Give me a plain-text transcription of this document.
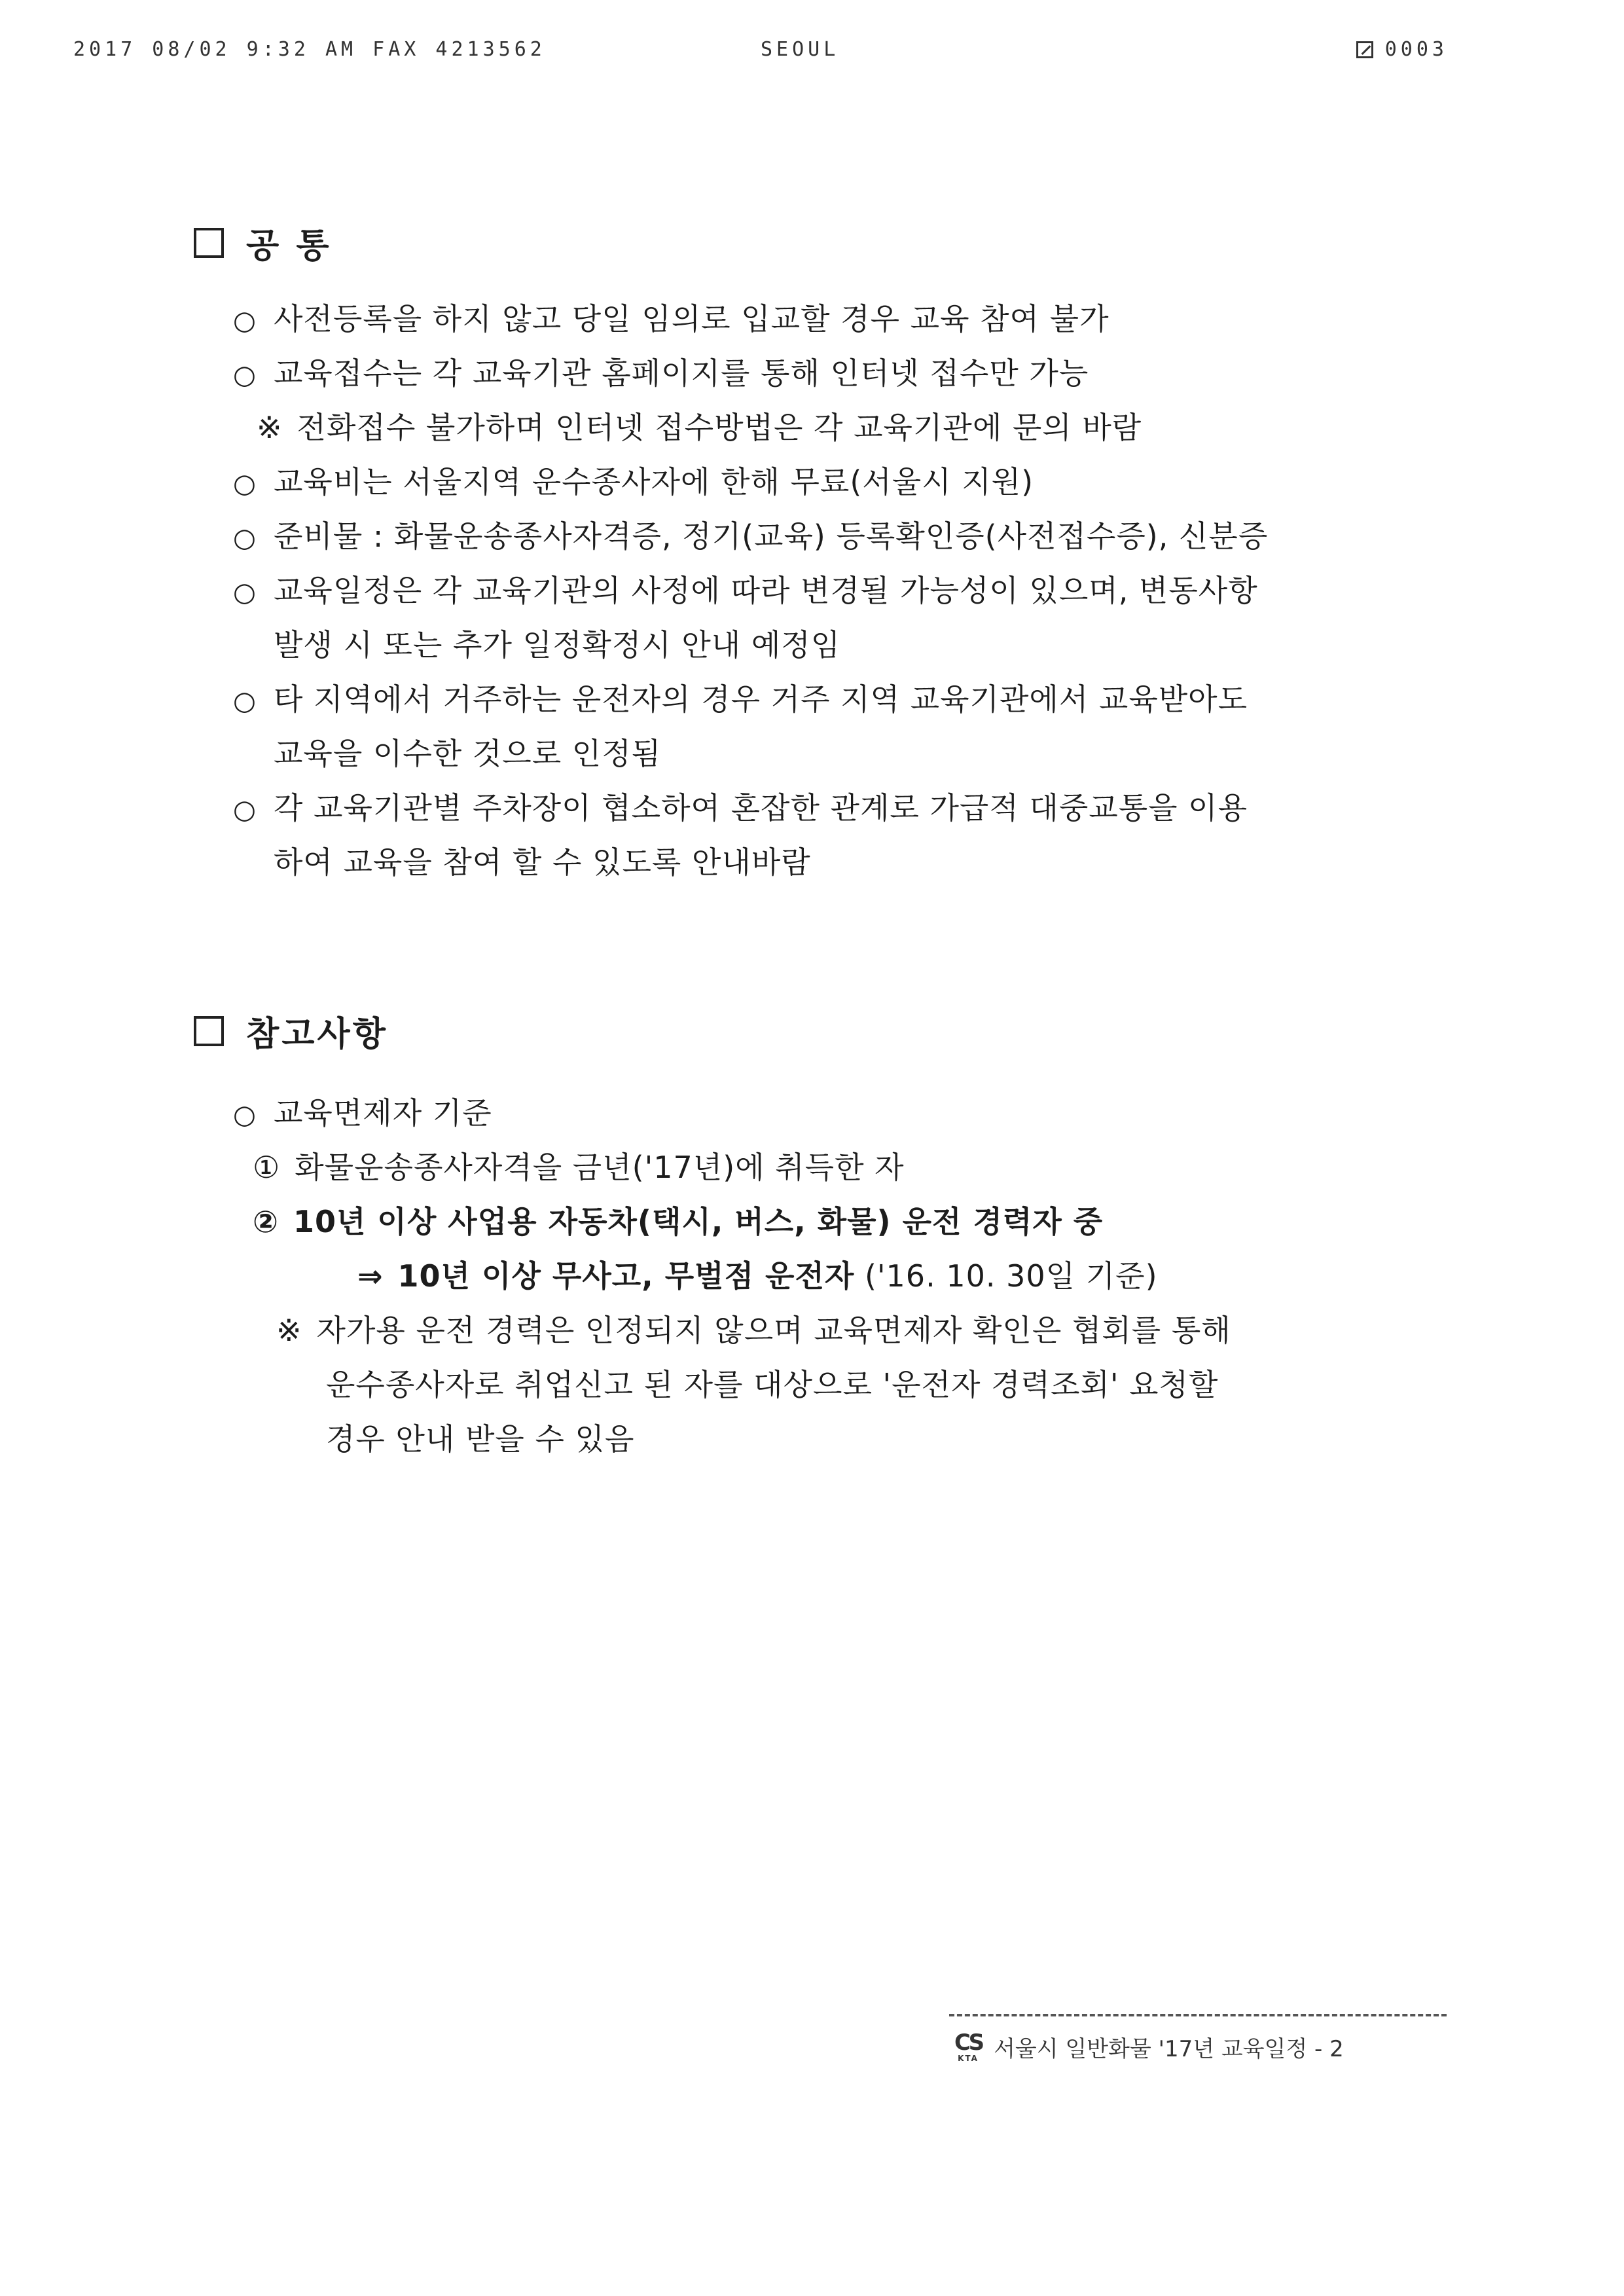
2017 08/02 9:32 AM FAX 4213562	SEOUL	0003
공 통
○ 사전등록을 하지 않고 당일 임의로 입교할 경우 교육 참여 불가
○ 교육접수는 각 교육기관 홈페이지를 통해 인터넷 접수만 가능
※ 전화접수 불가하며 인터넷 접수방법은 각 교육기관에 문의 바람
○ 교육비는 서울지역 운수종사자에 한해 무료(서울시 지원)
○ 준비물 : 화물운송종사자격증, 정기(교육) 등록확인증(사전접수증), 신분증
○ 교육일정은 각 교육기관의 사정에 따라 변경될 가능성이 있으며, 변동사항
발생 시 또는 추가 일정확정시 안내 예정임
○ 타 지역에서 거주하는 운전자의 경우 거주 지역 교육기관에서 교육받아도
교육을 이수한 것으로 인정됨
○ 각 교육기관별 주차장이 협소하여 혼잡한 관계로 가급적 대중교통을 이용
하여 교육을 참여 할 수 있도록 안내바람
참고사항
○ 교육면제자 기준
① 화물운송종사자격을 금년('17년)에 취득한 자
② 10년 이상 사업용 자동차(택시, 버스, 화물) 운전 경력자 중
⇒ 10년 이상 무사고, 무벌점 운전자 ('16. 10. 30일 기준)
※ 자가용 운전 경력은 인정되지 않으며 교육면제자 확인은 협회를 통해
운수종사자로 취업신고 된 자를 대상으로 '운전자 경력조회' 요청할
경우 안내 받을 수 있음
CS
KTA 서울시 일반화물 '17년 교육일정 - 2
